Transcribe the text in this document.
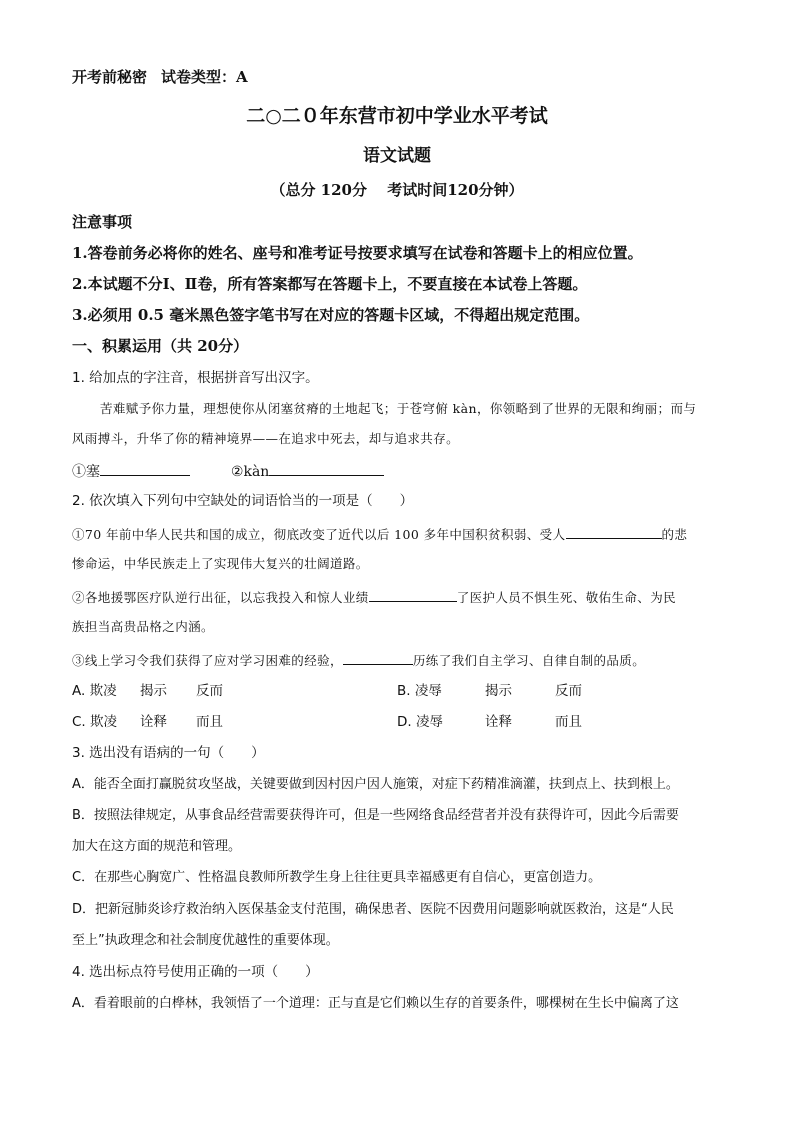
开考前秘密 试卷类型：A
二○二０年东营市初中学业水平考试
语文试题
（总分 120分　 考试时间120分钟）
注意事项
1.答卷前务必将你的姓名、座号和准考证号按要求填写在试卷和答题卡上的相应位置。
2.本试题不分Ⅰ、Ⅱ卷，所有答案都写在答题卡上，不要直接在本试卷上答题。
3.必须用 0.5 毫米黑色签字笔书写在对应的答题卡区域，不得超出规定范围。
一、积累运用（共 20分）
1. 给加点的字注音，根据拼音写出汉字。
苦难赋予你力量，理想使你从闭塞贫瘠的土地起飞；于苍穹俯 kàn，你领略到了世界的无限和绚丽；而与
风雨搏斗，升华了你的精神境界——在追求中死去，却与追求共存。
①塞	②kàn
2. 依次填入下列句中空缺处的词语恰当的一项是（　　）
①70 年前中华人民共和国的成立，彻底改变了近代以后 100 多年中国积贫积弱、受人	的悲
惨命运，中华民族走上了实现伟大复兴的壮阔道路。
②各地援鄂医疗队逆行出征，以忘我投入和惊人业绩	了医护人员不惧生死、敬佑生命、为民
族担当高贵品格之内涵。
③线上学习令我们获得了应对学习困难的经验，	历练了我们自主学习、自律自制的品质。
A. 欺凌 揭示 反而	B. 凌辱	揭示	反而
C. 欺凌 诠释 而且	D. 凌辱	诠释	而且
3. 选出没有语病的一句（　　）
A．能否全面打赢脱贫攻坚战，关键要做到因村因户因人施策，对症下药精准滴灌，扶到点上、扶到根上。
B．按照法律规定，从事食品经营需要获得许可，但是一些网络食品经营者并没有获得许可，因此今后需要
加大在这方面的规范和管理。
C．在那些心胸宽广、性格温良教师所教学生身上往往更具幸福感更有自信心，更富创造力。
D．把新冠肺炎诊疗救治纳入医保基金支付范围，确保患者、医院不因费用问题影响就医救治，这是“人民
至上”执政理念和社会制度优越性的重要体现。
4. 选出标点符号使用正确的一项（　　）
A．看着眼前的白桦林，我领悟了一个道理：正与直是它们赖以生存的首要条件，哪棵树在生长中偏离了这
